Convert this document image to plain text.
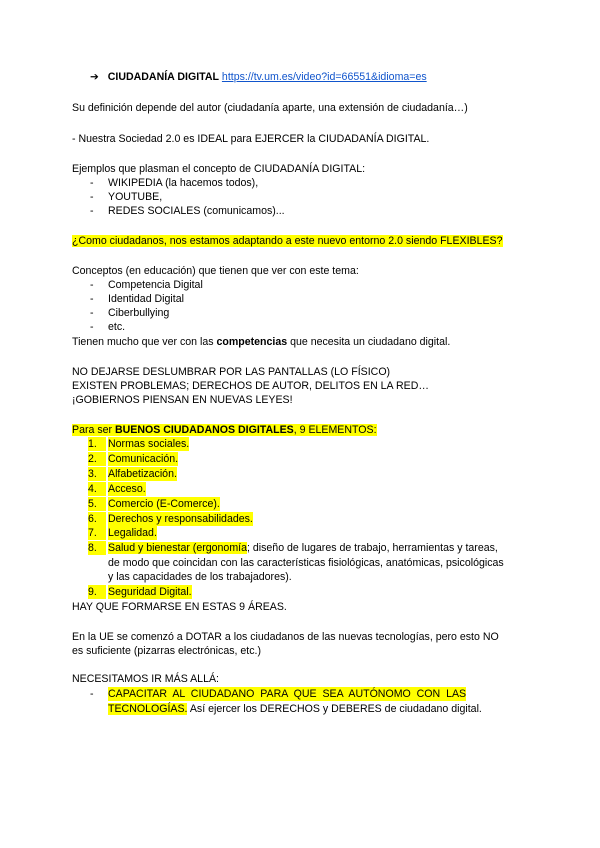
➔ CIUDADANÍA DIGITAL https://tv.um.es/video?id=66551&idioma=es
Su definición depende del autor (ciudadanía aparte, una extensión de ciudadanía…)
- Nuestra Sociedad 2.0 es IDEAL para EJERCER la CIUDADANÍA DIGITAL.
Ejemplos que plasman el concepto de CIUDADANÍA DIGITAL:
-	WIKIPEDIA (la hacemos todos),
-	YOUTUBE,
-	REDES SOCIALES (comunicamos)...
¿Como ciudadanos, nos estamos adaptando a este nuevo entorno 2.0 siendo FLEXIBLES?
Conceptos (en educación) que tienen que ver con este tema:
-	Competencia Digital
-	Identidad Digital
-	Ciberbullying
-	etc.
Tienen mucho que ver con las competencias que necesita un ciudadano digital.
NO DEJARSE DESLUMBRAR POR LAS PANTALLAS (LO FÍSICO)
EXISTEN PROBLEMAS; DERECHOS DE AUTOR, DELITOS EN LA RED…
¡GOBIERNOS PIENSAN EN NUEVAS LEYES!
Para ser BUENOS CIUDADANOS DIGITALES, 9 ELEMENTOS:
1.	Normas sociales.
2.	Comunicación.
3.	Alfabetización.
4.	Acceso.
5.	Comercio (E-Comerce).
6.	Derechos y responsabilidades.
7.	Legalidad.
8.	Salud y bienestar (ergonomía; diseño de lugares de trabajo, herramientas y tareas,
de modo que coincidan con las características fisiológicas, anatómicas, psicológicas
y las capacidades de los trabajadores).
9.	Seguridad Digital.
HAY QUE FORMARSE EN ESTAS 9 ÁREAS.
En la UE se comenzó a DOTAR a los ciudadanos de las nuevas tecnologías, pero esto NO
es suficiente (pizarras electrónicas, etc.)
NECESITAMOS IR MÁS ALLÁ:
-	CAPACITAR  AL  CIUDADANO  PARA  QUE  SEA  AUTÓNOMO  CON  LAS
TECNOLOGÍAS. Así ejercer los DERECHOS y DEBERES de ciudadano digital.
